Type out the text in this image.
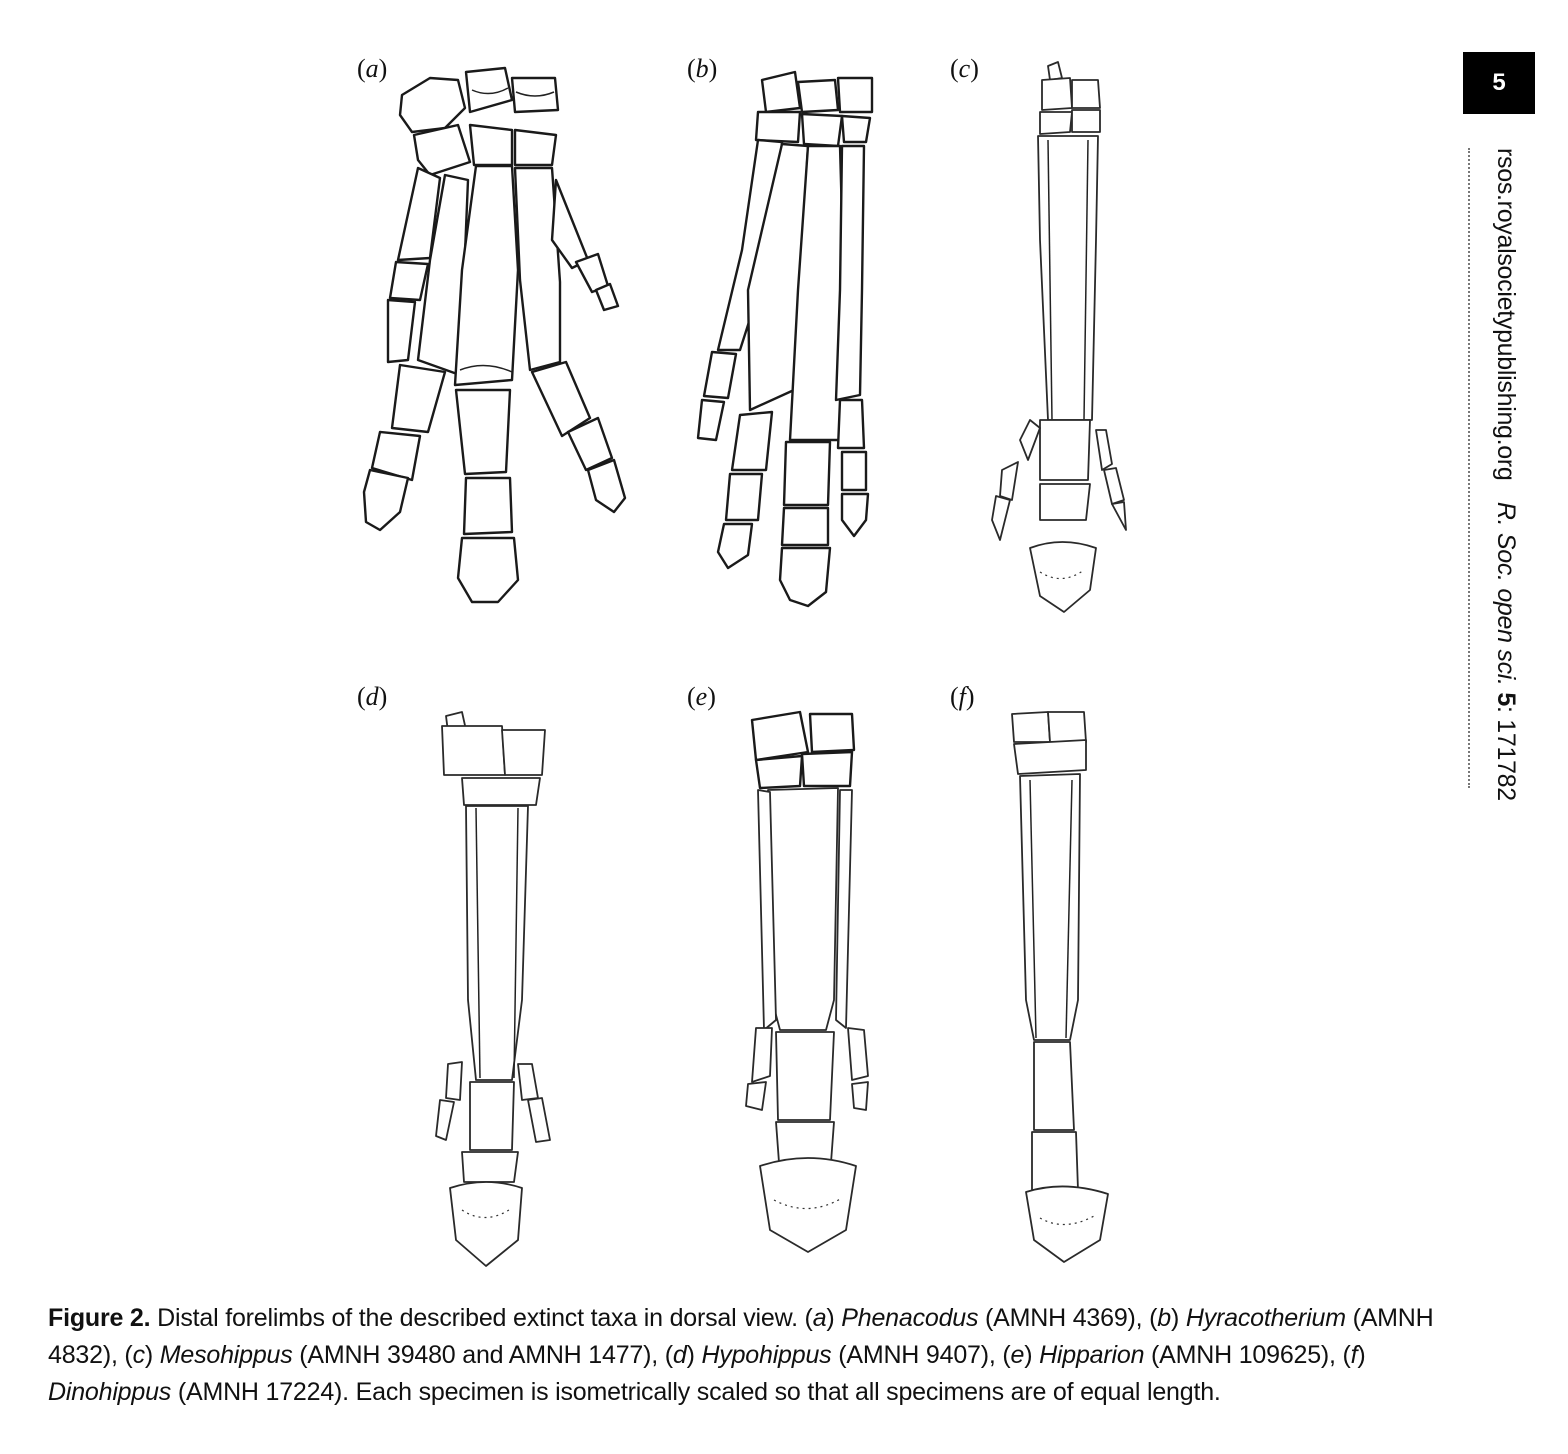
5
rsos.royalsocietypublishing.org   R. Soc. open sci. 5: 171782
(a)	(b)	(c)
(d)	(e)	(f)
Figure 2. Distal forelimbs of the described extinct taxa in dorsal view. (a) Phenacodus (AMNH 4369), (b) Hyracotherium (AMNH 4832), (c) Mesohippus (AMNH 39480 and AMNH 1477), (d) Hypohippus (AMNH 9407), (e) Hipparion (AMNH 109625), (f) Dinohippus (AMNH 17224). Each specimen is isometrically scaled so that all specimens are of equal length.
